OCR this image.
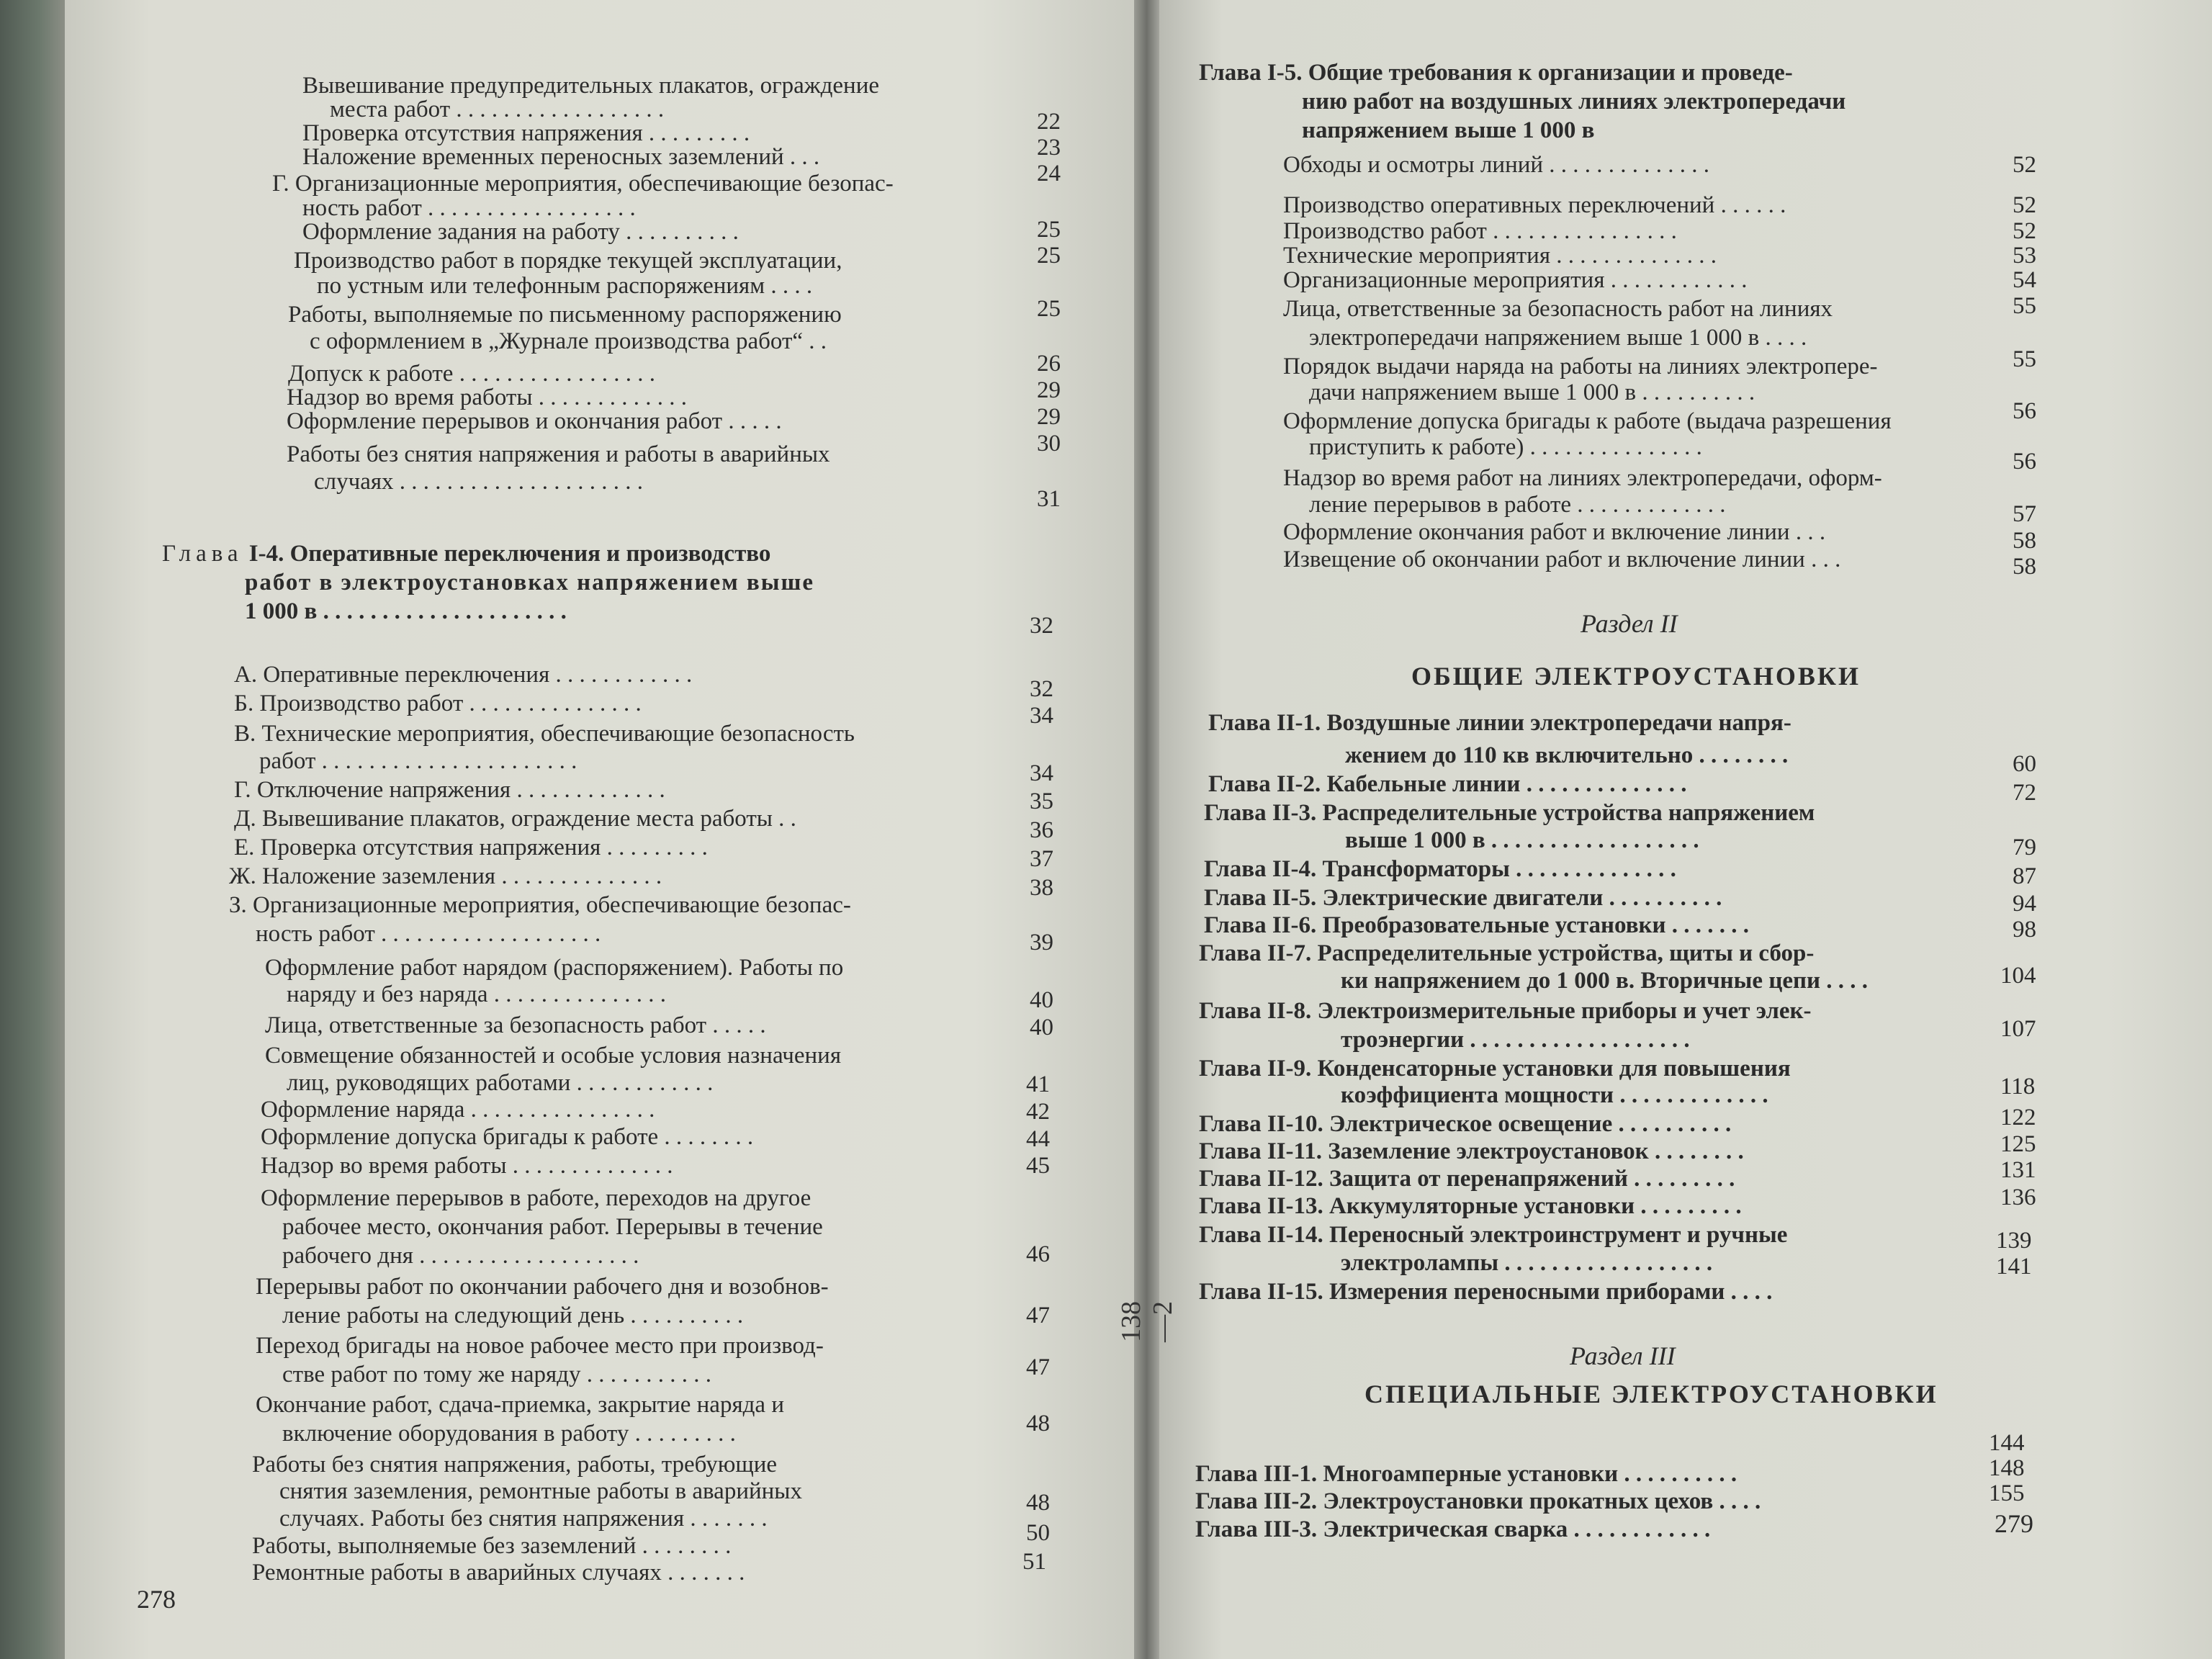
Глава I-4. Оперативные переключения и производство
работ в электроустановках напряжением выше
1 000 в . . . . . . . . . . . . . . . . . . . . .
Глава I-5. Общие требования к организации и проведе-
нию работ на воздушных линиях электропередачи
напряжением выше 1 000 в
Раздел II
ОБЩИЕ ЭЛЕКТРОУСТАНОВКИ
Раздел III
СПЕЦИАЛЬНЫЕ ЭЛЕКТРОУСТАНОВКИ
278
279
138—2
Вывешивание предупредительных плакатов, ограждение
места работ . . . . . . . . . . . . . . . . . .
Проверка отсутствия напряжения . . . . . . . . .
Наложение временных переносных заземлений . . .
Г. Организационные мероприятия, обеспечивающие безопас-
ность работ . . . . . . . . . . . . . . . . . .
Оформление задания на работу . . . . . . . . . .
Производство работ в порядке текущей эксплуатации,
по устным или телефонным распоряжениям . . . .
Работы, выполняемые по письменному распоряжению
с оформлением в „Журнале производства работ“ . .
Допуск к работе . . . . . . . . . . . . . . . . .
Надзор во время работы . . . . . . . . . . . . .
Оформление перерывов и окончания работ . . . . .
Работы без снятия напряжения и работы в аварийных
случаях . . . . . . . . . . . . . . . . . . . . .
А. Оперативные переключения . . . . . . . . . . . .
Б. Производство работ . . . . . . . . . . . . . . .
В. Технические мероприятия, обеспечивающие безопасность
работ . . . . . . . . . . . . . . . . . . . . . .
Г. Отключение напряжения . . . . . . . . . . . . .
Д. Вывешивание плакатов, ограждение места работы . .
Е. Проверка отсутствия напряжения . . . . . . . . .
Ж. Наложение заземления . . . . . . . . . . . . . .
З. Организационные мероприятия, обеспечивающие безопас-
ность работ . . . . . . . . . . . . . . . . . . .
Оформление работ нарядом (распоряжением). Работы по
наряду и без наряда . . . . . . . . . . . . . . .
Лица, ответственные за безопасность работ . . . . .
Совмещение обязанностей и особые условия назначения
лиц, руководящих работами . . . . . . . . . . . .
Оформление наряда . . . . . . . . . . . . . . . .
Оформление допуска бригады к работе . . . . . . . .
Надзор во время работы . . . . . . . . . . . . . .
Оформление перерывов в работе, переходов на другое
рабочее место, окончания работ. Перерывы в течение
рабочего дня . . . . . . . . . . . . . . . . . . .
Перерывы работ по окончании рабочего дня и возобнов-
ление работы на следующий день . . . . . . . . . .
Переход бригады на новое рабочее место при производ-
стве работ по тому же наряду . . . . . . . . . . .
Окончание работ, сдача-приемка, закрытие наряда и
включение оборудования в работу . . . . . . . . .
Работы без снятия напряжения, работы, требующие
снятия заземления, ремонтные работы в аварийных
случаях. Работы без снятия напряжения . . . . . . .
Работы, выполняемые без заземлений . . . . . . . .
Ремонтные работы в аварийных случаях . . . . . . .
22
23
24
25
25
25
26
29
29
30
31
32
32
34
34
35
36
37
38
39
40
40
41
42
44
45
46
47
47
48
48
50
51
Обходы и осмотры линий . . . . . . . . . . . . . .
Производство оперативных переключений . . . . . .
Производство работ . . . . . . . . . . . . . . . .
Технические мероприятия . . . . . . . . . . . . . .
Организационные мероприятия . . . . . . . . . . . .
Лица, ответственные за безопасность работ на линиях
электропередачи напряжением выше 1 000 в . . . .
Порядок выдачи наряда на работы на линиях электропере-
дачи напряжением выше 1 000 в . . . . . . . . . .
Оформление допуска бригады к работе (выдача разрешения
приступить к работе) . . . . . . . . . . . . . . .
Надзор во время работ на линиях электропередачи, оформ-
ление перерывов в работе . . . . . . . . . . . . .
Оформление окончания работ и включение линии . . .
Извещение об окончании работ и включение линии . . .
52
52
52
53
54
55
55
56
56
57
58
58
Глава II-1. Воздушные линии электропередачи напря-
жением до 110 кв включительно . . . . . . . .
Глава II-2. Кабельные линии . . . . . . . . . . . . . .
Глава II-3. Распределительные устройства напряжением
выше 1 000 в . . . . . . . . . . . . . . . . . .
Глава II-4. Трансформаторы . . . . . . . . . . . . . .
Глава II-5. Электрические двигатели . . . . . . . . . .
Глава II-6. Преобразовательные установки . . . . . . .
Глава II-7. Распределительные устройства, щиты и сбор-
ки напряжением до 1 000 в. Вторичные цепи . . . .
Глава II-8. Электроизмерительные приборы и учет элек-
троэнергии . . . . . . . . . . . . . . . . . . .
Глава II-9. Конденсаторные установки для повышения
коэффициента мощности . . . . . . . . . . . . .
Глава II-10. Электрическое освещение . . . . . . . . . .
Глава II-11. Заземление электроустановок . . . . . . . .
Глава II-12. Защита от перенапряжений . . . . . . . . .
Глава II-13. Аккумуляторные установки . . . . . . . . .
Глава II-14. Переносный электроинструмент и ручные
электролампы . . . . . . . . . . . . . . . . . .
Глава II-15. Измерения переносными приборами . . . .
60
72
79
87
94
98
104
107
118
122
125
131
136
139
141
Глава III-1. Многоамперные установки . . . . . . . . . .
Глава III-2. Электроустановки прокатных цехов . . . .
Глава III-3. Электрическая сварка . . . . . . . . . . . .
144
148
155
